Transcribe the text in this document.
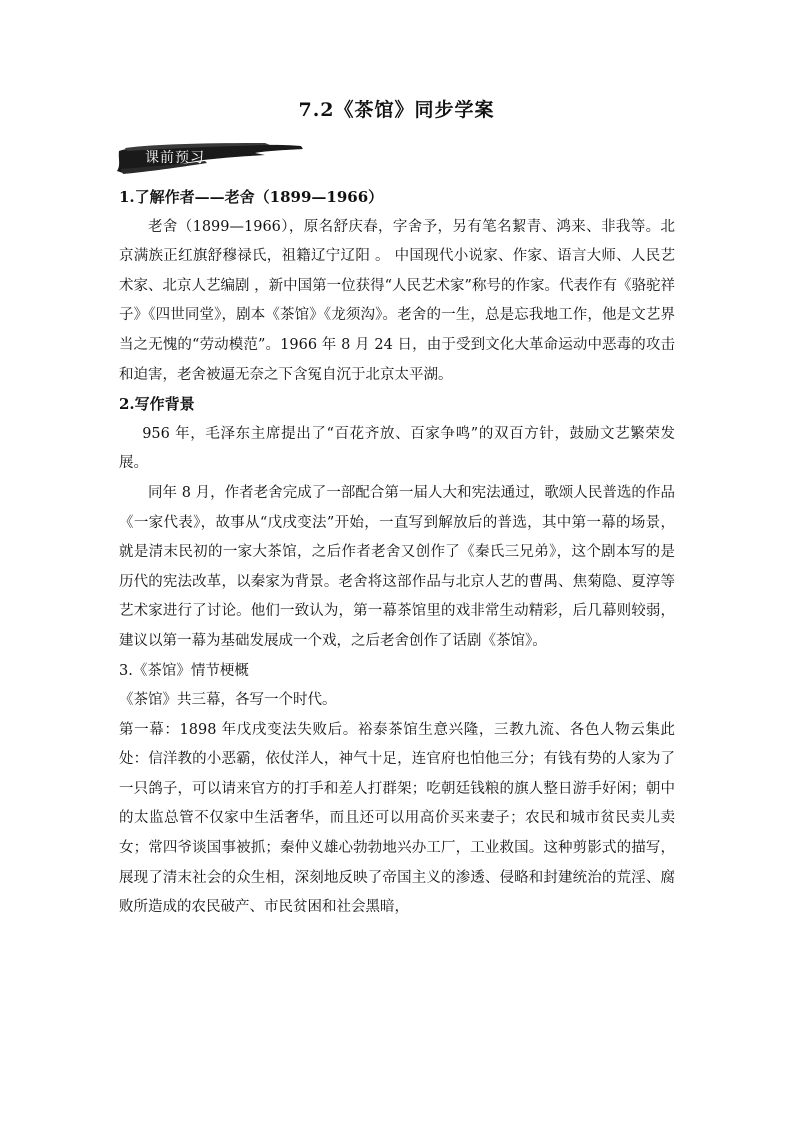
7.2《茶馆》同步学案
课前预习

1.了解作者——老舍（1899—1966）

老舍（1899—1966），原名舒庆春，字舍予，另有笔名絜青、鸿来、非我等。北京满族正红旗舒穆禄氏，祖籍辽宁辽阳 。 中国现代小说家、作家、语言大师、人民艺术家、北京人艺编剧 ，新中国第一位获得“人民艺术家”称号的作家。代表作有《骆驼祥子》《四世同堂》，剧本《茶馆》《龙须沟》。老舍的一生，总是忘我地工作，他是文艺界当之无愧的“劳动模范”。1966 年 8 月 24 日，由于受到文化大革命运动中恶毒的攻击和迫害，老舍被逼无奈之下含冤自沉于北京太平湖。

2.写作背景

956 年，毛泽东主席提出了“百花齐放、百家争鸣”的双百方针，鼓励文艺繁荣发展。

同年 8 月，作者老舍完成了一部配合第一届人大和宪法通过，歌颂人民普选的作品《一家代表》，故事从“戊戌变法”开始，一直写到解放后的普选，其中第一幕的场景，就是清末民初的一家大茶馆，之后作者老舍又创作了《秦氏三兄弟》，这个剧本写的是历代的宪法改革，以秦家为背景。老舍将这部作品与北京人艺的曹禺、焦菊隐、夏淳等艺术家进行了讨论。他们一致认为，第一幕茶馆里的戏非常生动精彩，后几幕则较弱，建议以第一幕为基础发展成一个戏，之后老舍创作了话剧《茶馆》。

3.《茶馆》情节梗概

《茶馆》共三幕，各写一个时代。

第一幕：1898 年戊戌变法失败后。裕泰茶馆生意兴隆，三教九流、各色人物云集此处：信洋教的小恶霸，依仗洋人，神气十足，连官府也怕他三分；有钱有势的人家为了一只鸽子，可以请来官方的打手和差人打群架；吃朝廷钱粮的旗人整日游手好闲；朝中的太监总管不仅家中生活奢华，而且还可以用高价买来妻子；农民和城市贫民卖儿卖女；常四爷谈国事被抓；秦仲义雄心勃勃地兴办工厂，工业救国。这种剪影式的描写，展现了清末社会的众生相，深刻地反映了帝国主义的渗透、侵略和封建统治的荒淫、腐败所造成的农民破产、市民贫困和社会黑暗，
